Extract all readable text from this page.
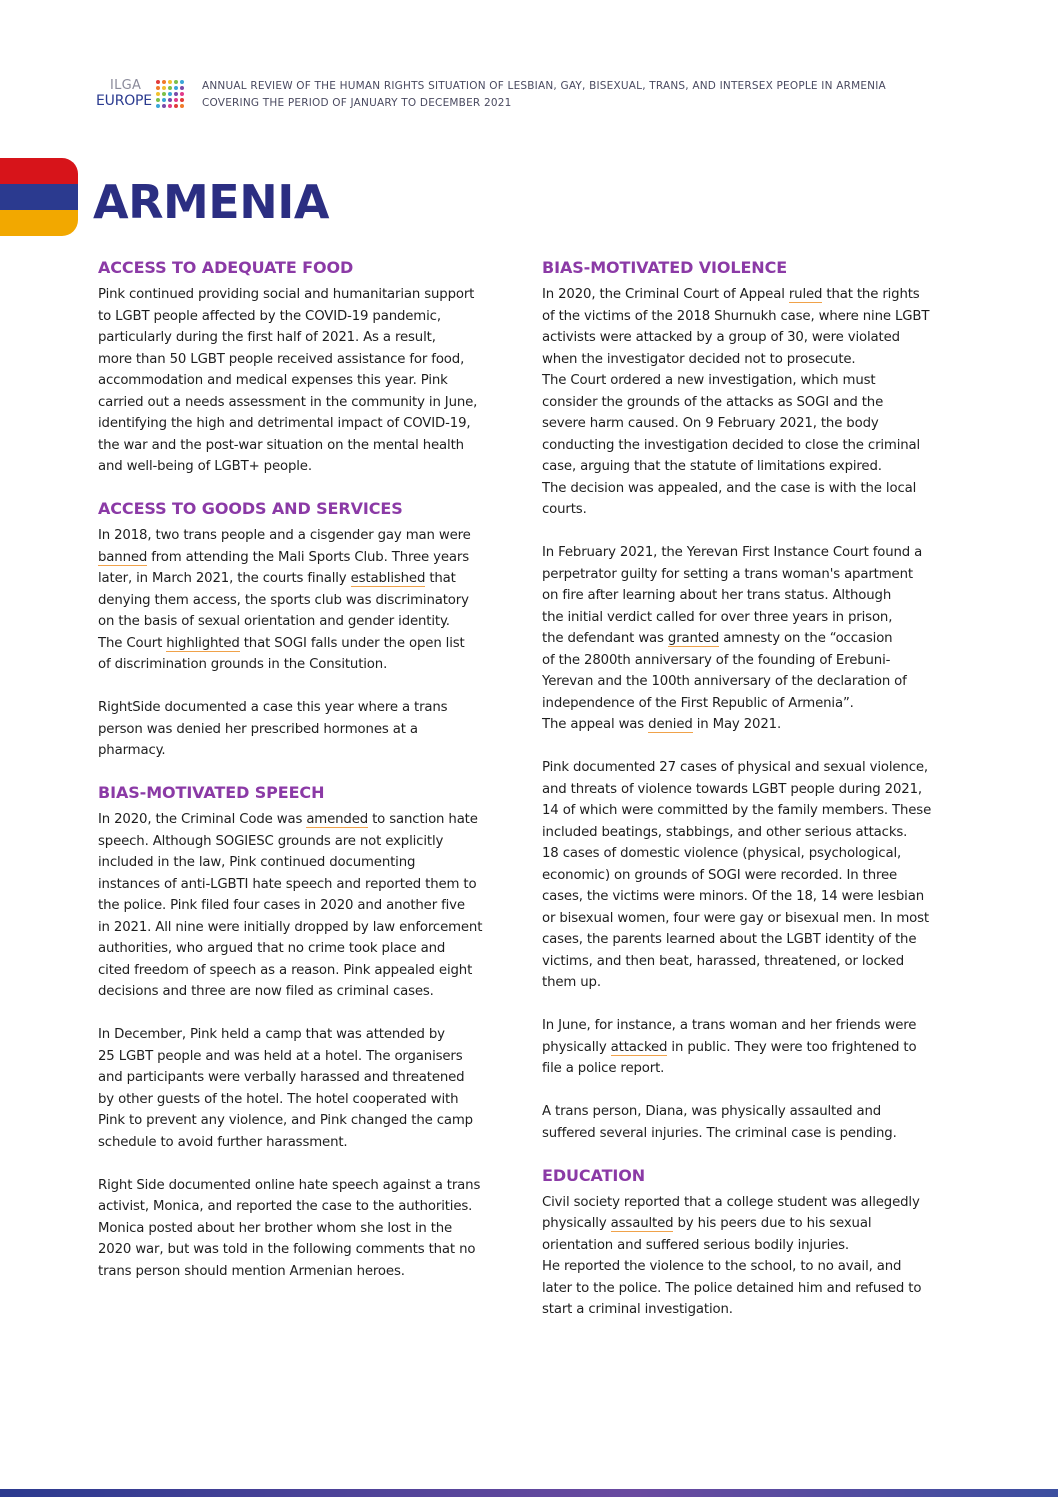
ILGA
EUROPE
ANNUAL REVIEW OF THE HUMAN RIGHTS SITUATION OF LESBIAN, GAY, BISEXUAL, TRANS, AND INTERSEX PEOPLE IN ARMENIA
COVERING THE PERIOD OF JANUARY TO DECEMBER 2021
ARMENIA
ACCESS TO ADEQUATE FOOD

Pink continued providing social and humanitarian support
to LGBT people affected by the COVID-19 pandemic,
particularly during the first half of 2021. As a result,
more than 50 LGBT people received assistance for food,
accommodation and medical expenses this year. Pink
carried out a needs assessment in the community in June,
identifying the high and detrimental impact of COVID-19,
the war and the post-war situation on the mental health
and well-being of LGBT+ people.

ACCESS TO GOODS AND SERVICES

In 2018, two trans people and a cisgender gay man were
banned from attending the Mali Sports Club. Three years
later, in March 2021, the courts finally established that
denying them access, the sports club was discriminatory
on the basis of sexual orientation and gender identity.
The Court highlighted that SOGI falls under the open list
of discrimination grounds in the Consitution.

RightSide documented a case this year where a trans
person was denied her prescribed hormones at a
pharmacy.

BIAS-MOTIVATED SPEECH

In 2020, the Criminal Code was amended to sanction hate
speech. Although SOGIESC grounds are not explicitly
included in the law, Pink continued documenting
instances of anti-LGBTI hate speech and reported them to
the police. Pink filed four cases in 2020 and another five
in 2021. All nine were initially dropped by law enforcement
authorities, who argued that no crime took place and
cited freedom of speech as a reason. Pink appealed eight
decisions and three are now filed as criminal cases.

In December, Pink held a camp that was attended by
25 LGBT people and was held at a hotel. The organisers
and participants were verbally harassed and threatened
by other guests of the hotel. The hotel cooperated with
Pink to prevent any violence, and Pink changed the camp
schedule to avoid further harassment.

Right Side documented online hate speech against a trans
activist, Monica, and reported the case to the authorities.
Monica posted about her brother whom she lost in the
2020 war, but was told in the following comments that no
trans person should mention Armenian heroes.

BIAS-MOTIVATED VIOLENCE

In 2020, the Criminal Court of Appeal ruled that the rights
of the victims of the 2018 Shurnukh case, where nine LGBT
activists were attacked by a group of 30, were violated
when the investigator decided not to prosecute.
The Court ordered a new investigation, which must
consider the grounds of the attacks as SOGI and the
severe harm caused. On 9 February 2021, the body
conducting the investigation decided to close the criminal
case, arguing that the statute of limitations expired.
The decision was appealed, and the case is with the local
courts.

In February 2021, the Yerevan First Instance Court found a
perpetrator guilty for setting a trans woman's apartment
on fire after learning about her trans status. Although
the initial verdict called for over three years in prison,
the defendant was granted amnesty on the “occasion
of the 2800th anniversary of the founding of Erebuni-
Yerevan and the 100th anniversary of the declaration of
independence of the First Republic of Armenia”.
The appeal was denied in May 2021.

Pink documented 27 cases of physical and sexual violence,
and threats of violence towards LGBT people during 2021,
14 of which were committed by the family members. These
included beatings, stabbings, and other serious attacks.
18 cases of domestic violence (physical, psychological,
economic) on grounds of SOGI were recorded. In three
cases, the victims were minors. Of the 18, 14 were lesbian
or bisexual women, four were gay or bisexual men. In most
cases, the parents learned about the LGBT identity of the
victims, and then beat, harassed, threatened, or locked
them up.

In June, for instance, a trans woman and her friends were
physically attacked in public. They were too frightened to
file a police report.

A trans person, Diana, was physically assaulted and
suffered several injuries. The criminal case is pending.

EDUCATION

Civil society reported that a college student was allegedly
physically assaulted by his peers due to his sexual
orientation and suffered serious bodily injuries.
He reported the violence to the school, to no avail, and
later to the police. The police detained him and refused to
start a criminal investigation.
